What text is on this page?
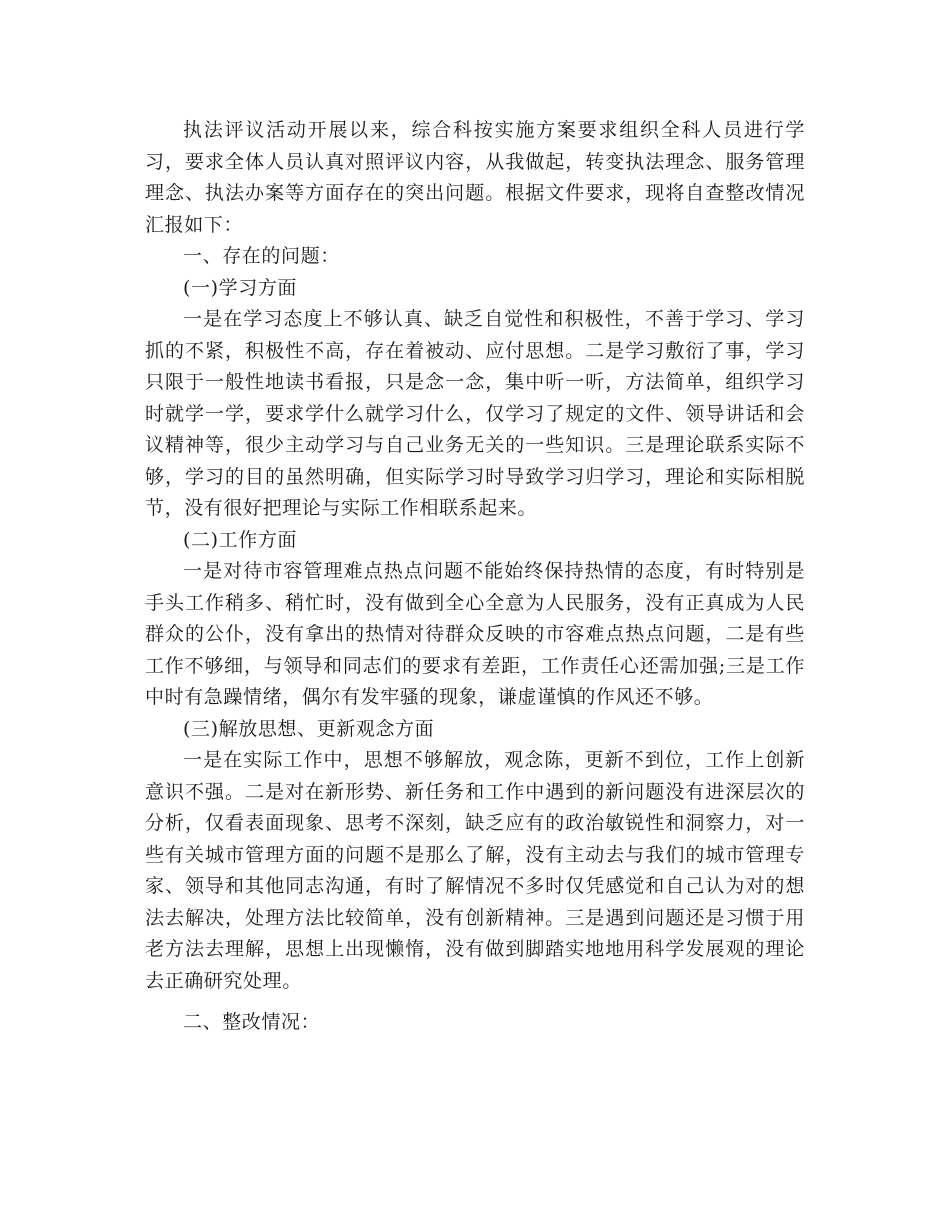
执法评议活动开展以来，综合科按实施方案要求组织全科人员进行学习，要求全体人员认真对照评议内容，从我做起，转变执法理念、服务管理理念、执法办案等方面存在的突出问题。根据文件要求，现将自查整改情况汇报如下：

一、存在的问题：

(一)学习方面

一是在学习态度上不够认真、缺乏自觉性和积极性，不善于学习、学习抓的不紧，积极性不高，存在着被动、应付思想。二是学习敷衍了事，学习只限于一般性地读书看报，只是念一念，集中听一听，方法简单，组织学习时就学一学，要求学什么就学习什么，仅学习了规定的文件、领导讲话和会议精神等，很少主动学习与自己业务无关的一些知识。三是理论联系实际不够，学习的目的虽然明确，但实际学习时导致学习归学习，理论和实际相脱节，没有很好把理论与实际工作相联系起来。

(二)工作方面

一是对待市容管理难点热点问题不能始终保持热情的态度，有时特别是手头工作稍多、稍忙时，没有做到全心全意为人民服务，没有正真成为人民群众的公仆，没有拿出的热情对待群众反映的市容难点热点问题，二是有些工作不够细，与领导和同志们的要求有差距，工作责任心还需加强;三是工作中时有急躁情绪，偶尔有发牢骚的现象，谦虚谨慎的作风还不够。

(三)解放思想、更新观念方面

一是在实际工作中，思想不够解放，观念陈，更新不到位，工作上创新意识不强。二是对在新形势、新任务和工作中遇到的新问题没有进深层次的分析，仅看表面现象、思考不深刻，缺乏应有的政治敏锐性和洞察力，对一些有关城市管理方面的问题不是那么了解，没有主动去与我们的城市管理专家、领导和其他同志沟通，有时了解情况不多时仅凭感觉和自己认为对的想法去解决，处理方法比较简单，没有创新精神。三是遇到问题还是习惯于用老方法去理解，思想上出现懒惰，没有做到脚踏实地地用科学发展观的理论去正确研究处理。

二、整改情况：
